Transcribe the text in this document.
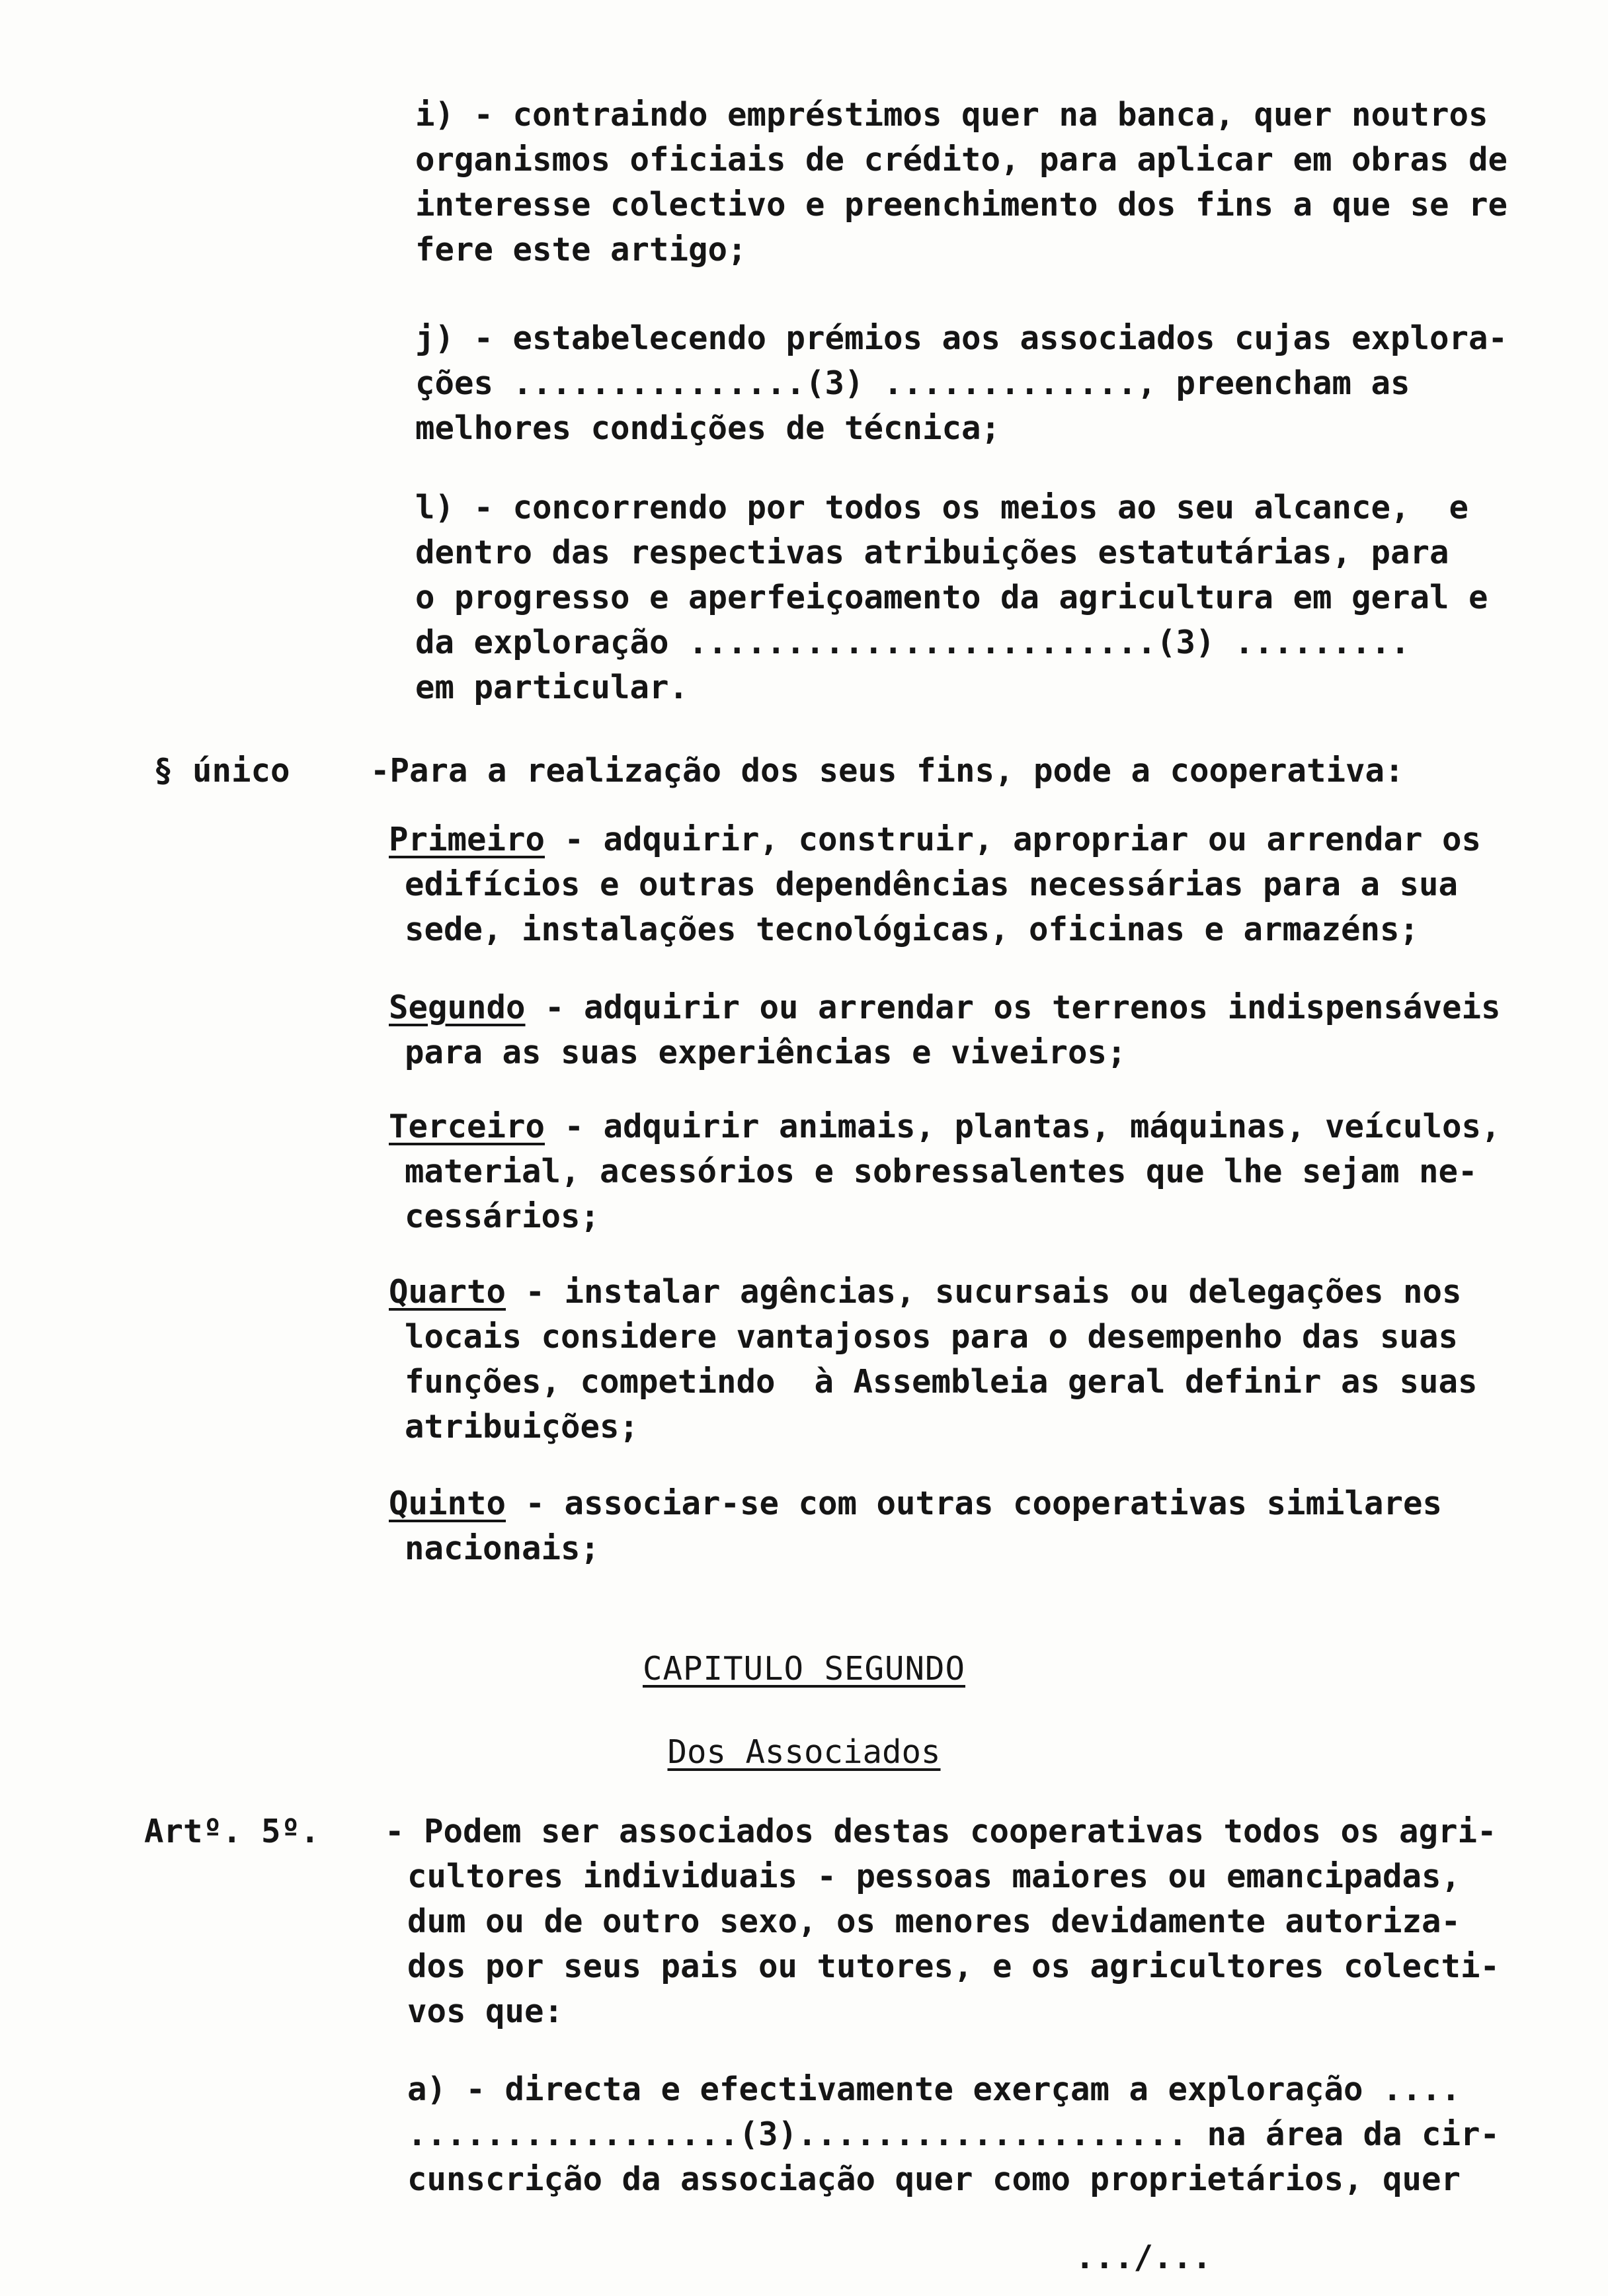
i) - contraindo empréstimos quer na banca, quer noutros
organismos oficiais de crédito, para aplicar em obras de
interesse colectivo e preenchimento dos fins a que se re
fere este artigo;
j) - estabelecendo prémios aos associados cujas explora-
ções ...............(3) ............., preencham as
melhores condições de técnica;
l) - concorrendo por todos os meios ao seu alcance,  e
dentro das respectivas atribuições estatutárias, para
o progresso e aperfeiçoamento da agricultura em geral e
da exploração ........................(3) .........
em particular.
§ único -Para a realização dos seus fins, pode a cooperativa:
Primeiro - adquirir, construir, apropriar ou arrendar os
edifícios e outras dependências necessárias para a sua
sede, instalações tecnológicas, oficinas e armazéns;
Segundo - adquirir ou arrendar os terrenos indispensáveis
para as suas experiências e viveiros;
Terceiro - adquirir animais, plantas, máquinas, veículos,
material, acessórios e sobressalentes que lhe sejam ne-
cessários;
Quarto - instalar agências, sucursais ou delegações nos
locais considere vantajosos para o desempenho das suas
funções, competindo  à Assembleia geral definir as suas
atribuições;
Quinto - associar-se com outras cooperativas similares
nacionais;
CAPITULO SEGUNDO
Dos Associados
Artº. 5º. - Podem ser associados destas cooperativas todos os agri-
cultores individuais - pessoas maiores ou emancipadas,
dum ou de outro sexo, os menores devidamente autoriza-
dos por seus pais ou tutores, e os agricultores colecti-
vos que:
a) - directa e efectivamente exerçam a exploração ....
.................(3).................... na área da cir-
cunscrição da associação quer como proprietários, quer
.../...
